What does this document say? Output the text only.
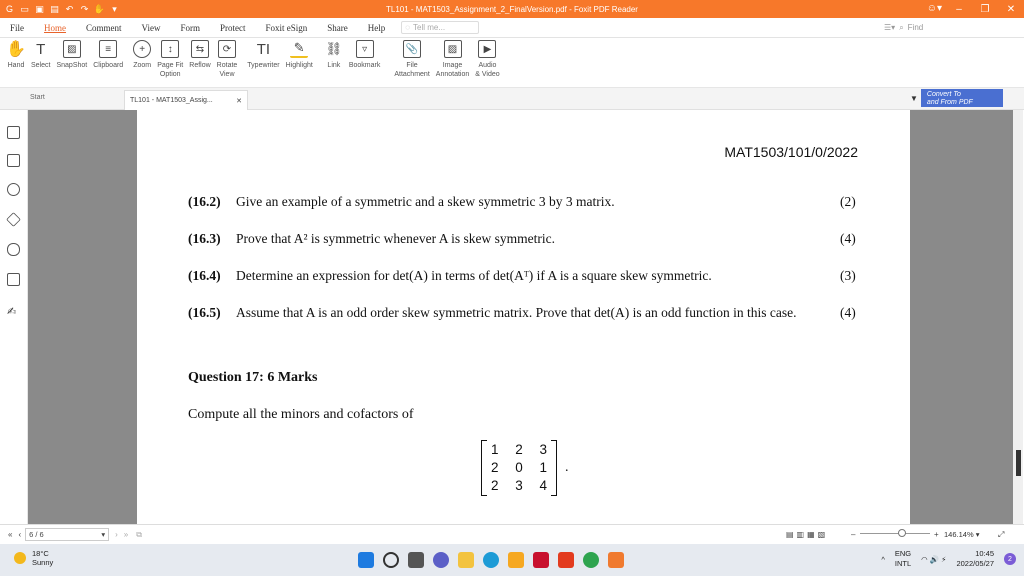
G ▭ ▣ ▤ ↶ ↷ ✋ ▾	TL101 - MAT1503_Assignment_2_FinalVersion.pdf - Foxit PDF Reader	☺▾	–	❐	✕
File	Home	Comment	View	Form	Protect	Foxit eSign	Share	Help	◌ Tell me...	☰▾ ⌕ Find
✋
Hand
T
Select
▨
SnapShot
≡
Clipboard
+
Zoom
↕
Page Fit
Option
⇆
Reflow
⟳
Rotate
View
TI
Typewriter
✎
Highlight
⛓
Link
▿
Bookmark
📎
File
Attachment
▨
Image
Annotation
▶
Audio
& Video
Start	TL101 - MAT1503_Assig...	✕	▼	Convert To
and From PDF
✍
MAT1503/101/0/2022
(16.2) Give an example of a symmetric and a skew symmetric 3 by 3 matrix.	(2)
(16.3) Prove that A² is symmetric whenever A is skew symmetric.	(4)
(16.4) Determine an expression for det(A) in terms of det(Aᵀ) if A is a square skew symmetric.	(3)
(16.5) Assume that A is an odd order skew symmetric matrix. Prove that det(A) is an odd function in this case.	(4)
Question 17: 6 Marks
Compute all the minors and cofactors of
1 2 3
2 0 1
2 3 4
.
« ‹ 6 / 6	▾ › » ⧉	▤▥▦▧	–	+	⤢
146.14% ▾
18°C
Sunny	^
ENG
INTL ◠ 🔊 ⚡
10:45
2022/05/27	2
